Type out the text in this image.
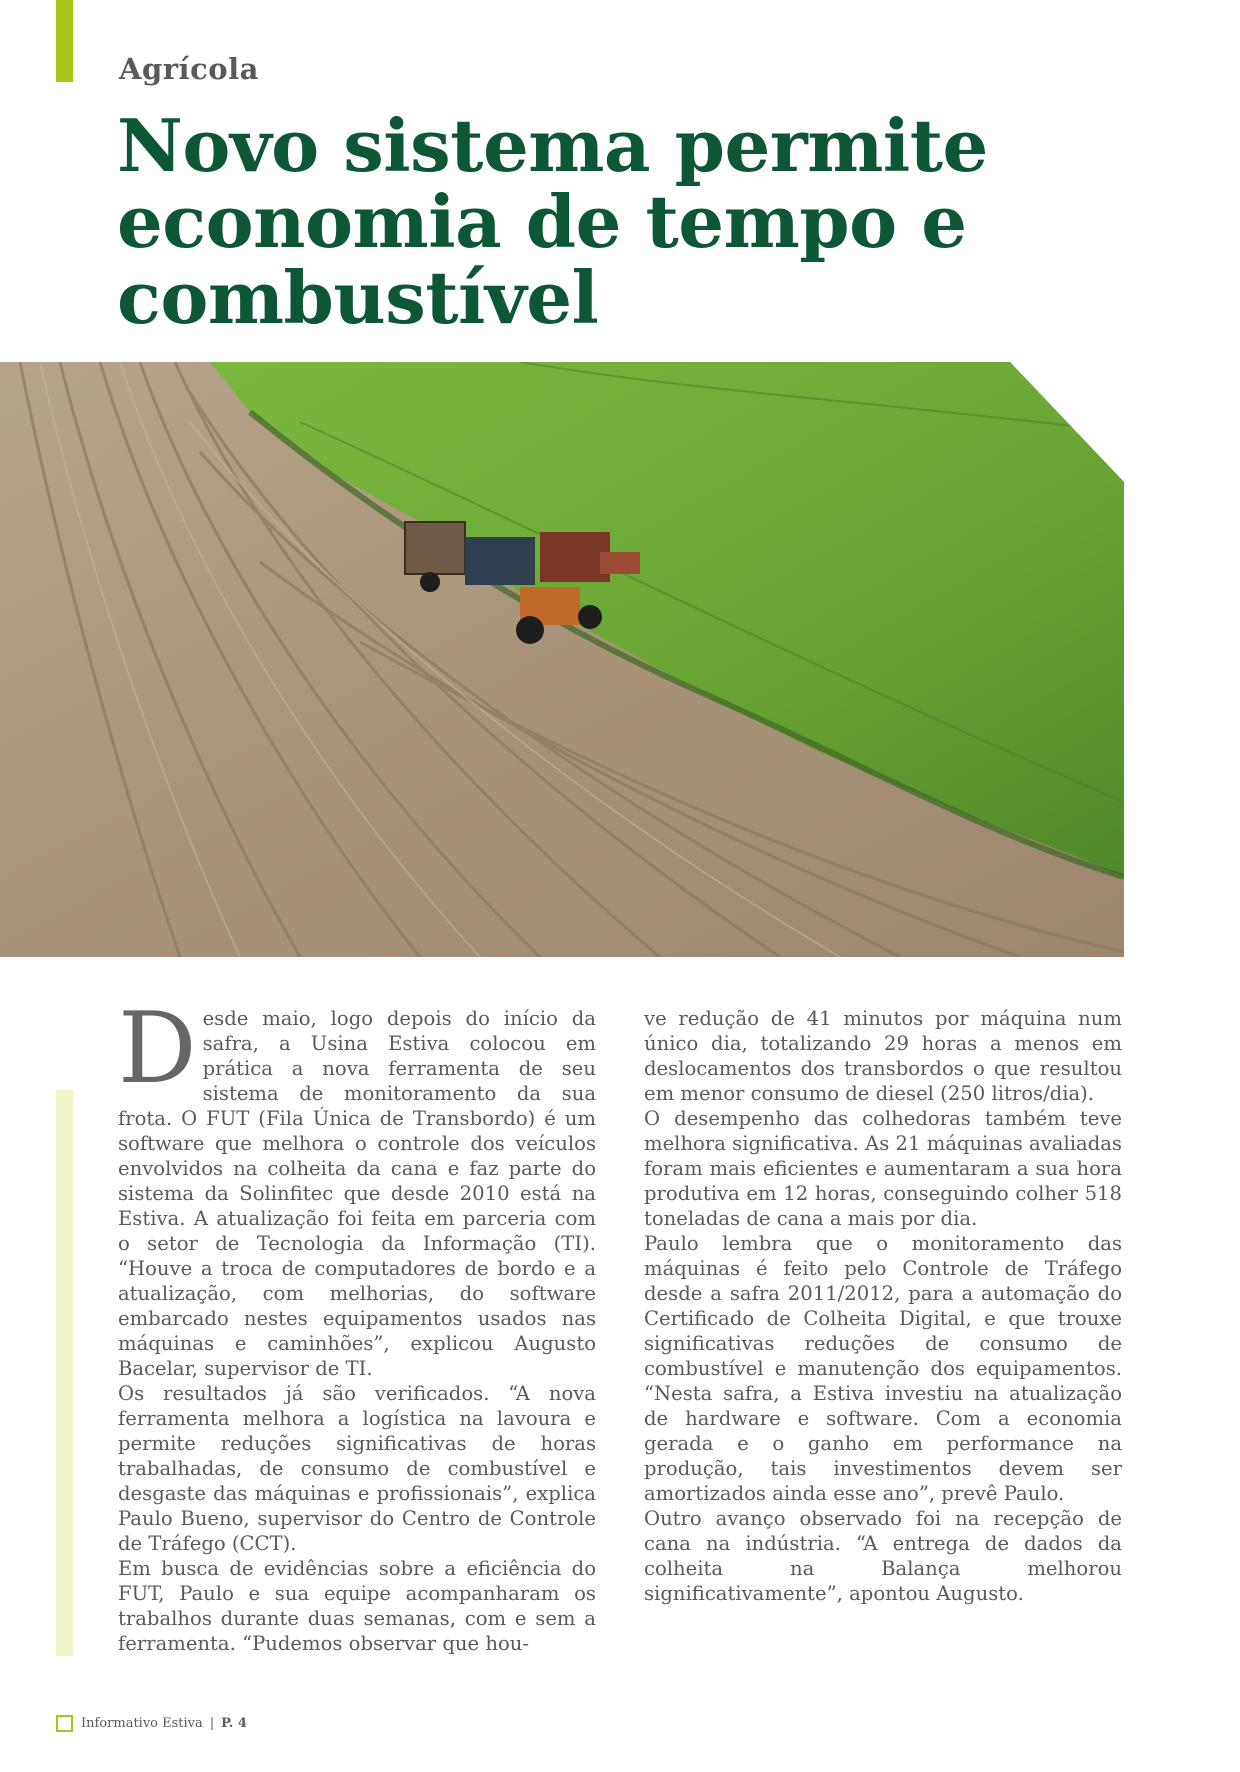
Agrícola
Novo sistema permite
economia de tempo e
combustível

Desde maio, logo depois do início da safra, a Usina Estiva colocou em prática a nova ferramenta de seu sistema de monitoramento da sua frota. O FUT (Fila Única de Transbordo) é um software que melhora o controle dos veículos envolvidos na colheita da cana e faz parte do sistema da Solinfitec que desde 2010 está na Estiva. A atualização foi feita em parceria com o setor de Tecnologia da Informação (TI). “Houve a troca de computadores de bordo e a atualização, com melhorias, do software embarcado nestes equipamentos usados nas máquinas e caminhões”, explicou Augusto Bacelar, supervisor de TI.

Os resultados já são verificados. “A nova ferramenta melhora a logística na lavoura e permite reduções significativas de horas trabalhadas, de consumo de combustível e desgaste das máquinas e profissionais”, explica Paulo Bueno, supervisor do Centro de Controle de Tráfego (CCT).

Em busca de evidências sobre a eficiência do FUT, Paulo e sua equipe acompanharam os trabalhos durante duas semanas, com e sem a ferramenta. “Pudemos observar que hou-

ve redução de 41 minutos por máquina num único dia, totalizando 29 horas a menos em deslocamentos dos transbordos o que resultou em menor consumo de diesel (250 litros/dia).

O desempenho das colhedoras também teve melhora significativa. As 21 máquinas avaliadas foram mais eficientes e aumentaram a sua hora produtiva em 12 horas, conseguindo colher 518 toneladas de cana a mais por dia.

Paulo lembra que o monitoramento das máquinas é feito pelo Controle de Tráfego desde a safra 2011/2012, para a automação do Certificado de Colheita Digital, e que trouxe significativas reduções de consumo de combustível e manutenção dos equipamentos. “Nesta safra, a Estiva investiu na atualização de hardware e software. Com a economia gerada e o ganho em performance na produção, tais investimentos devem ser amortizados ainda esse ano”, prevê Paulo.

Outro avanço observado foi na recepção de cana na indústria. “A entrega de dados da colheita na Balança melhorou significativamente”, apontou Augusto.

Informativo Estiva | P. 4
